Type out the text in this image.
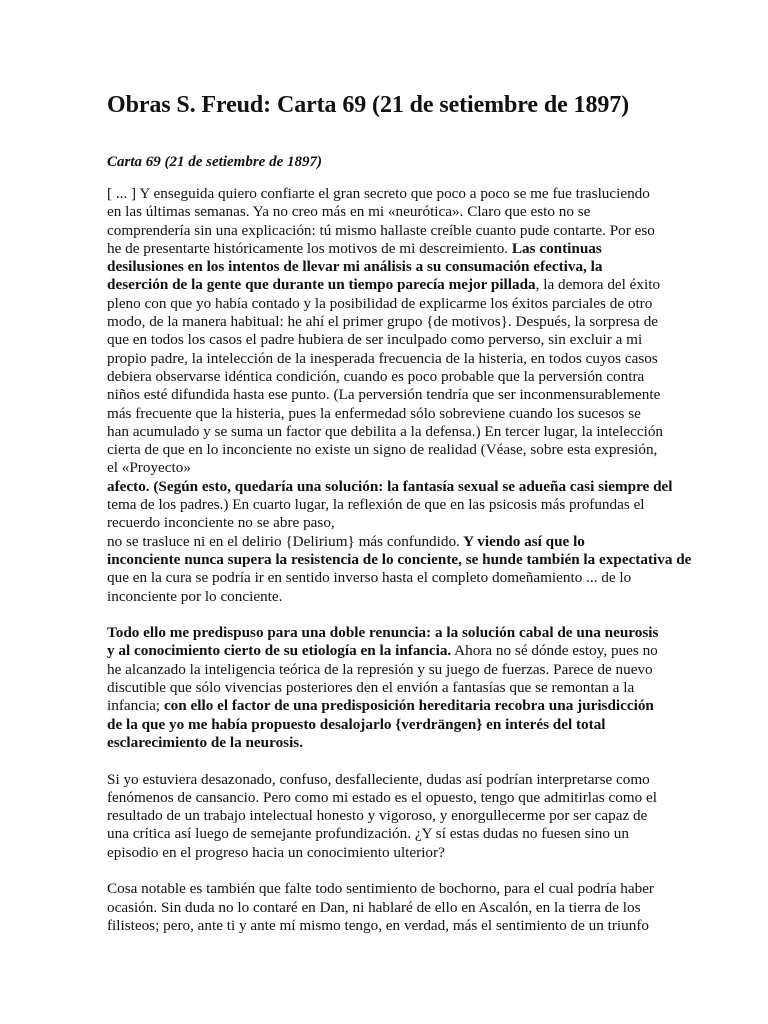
Obras S. Freud: Carta 69 (21 de setiembre de 1897)
Carta 69 (21 de setiembre de 1897)

[ ... ] Y enseguida quiero confiarte el gran secreto que poco a poco se me fue trasluciendo
en las últimas semanas. Ya no creo más en mi «neurótica». Claro que esto no se
comprendería sin una explicación: tú mismo hallaste creíble cuanto pude contarte. Por eso
he de presentarte históricamente los motivos de mi descreimiento. Las continuas
desilusiones en los intentos de llevar mi análisis a su consumación efectiva, la
deserción de la gente que durante un tiempo parecía mejor pillada, la demora del éxito
pleno con que yo había contado y la posibilidad de explicarme los éxitos parciales de otro
modo, de la manera habitual: he ahí el primer grupo {de motivos}. Después, la sorpresa de
que en todos los casos el padre hubiera de ser inculpado como perverso, sin excluir a mi
propio padre, la intelección de la inesperada frecuencia de la histeria, en todos cuyos casos
debiera observarse idéntica condición, cuando es poco probable que la perversión contra
niños esté difundida hasta ese punto. (La perversión tendría que ser inconmensurablemente
más frecuente que la histeria, pues la enfermedad sólo sobreviene cuando los sucesos se
han acumulado y se suma un factor que debilita a la defensa.) En tercer lugar, la intelección
cierta de que en lo inconciente no existe un signo de realidad (Véase, sobre esta expresión,
el «Proyecto»
afecto. (Según esto, quedaría una solución: la fantasía sexual se adueña casi siempre del
tema de los padres.) En cuarto lugar, la reflexión de que en las psicosis más profundas el
recuerdo inconciente no se abre paso,
no se trasluce ni en el delirio {Delirium} más confundido. Y viendo así que lo
inconciente nunca supera la resistencia de lo conciente, se hunde también la expectativa de
que en la cura se podría ir en sentido inverso hasta el completo domeñamiento ... de lo
inconciente por lo conciente.

Todo ello me predispuso para una doble renuncia: a la solución cabal de una neurosis
y al conocimiento cierto de su etiología en la infancia. Ahora no sé dónde estoy, pues no
he alcanzado la inteligencia teórica de la represión y su juego de fuerzas. Parece de nuevo
discutible que sólo vivencias posteriores den el envión a fantasías que se remontan a la
infancia; con ello el factor de una predisposición hereditaria recobra una jurisdicción
de la que yo me había propuesto desalojarlo {verdrängen} en interés del total
esclarecimiento de la neurosis.

Si yo estuviera desazonado, confuso, desfalleciente, dudas así podrían interpretarse como
fenómenos de cansancio. Pero como mi estado es el opuesto, tengo que admitirlas como el
resultado de un trabajo intelectual honesto y vigoroso, y enorgullecerme por ser capaz de
una crítica así luego de semejante profundización. ¿Y sí estas dudas no fuesen sino un
episodio en el progreso hacia un conocimiento ulterior?

Cosa notable es también que falte todo sentimiento de bochorno, para el cual podría haber
ocasión. Sin duda no lo contaré en Dan, ni hablaré de ello en Ascalón, en la tierra de los
filisteos; pero, ante ti y ante mí mismo tengo, en verdad, más el sentimiento de un triunfo
